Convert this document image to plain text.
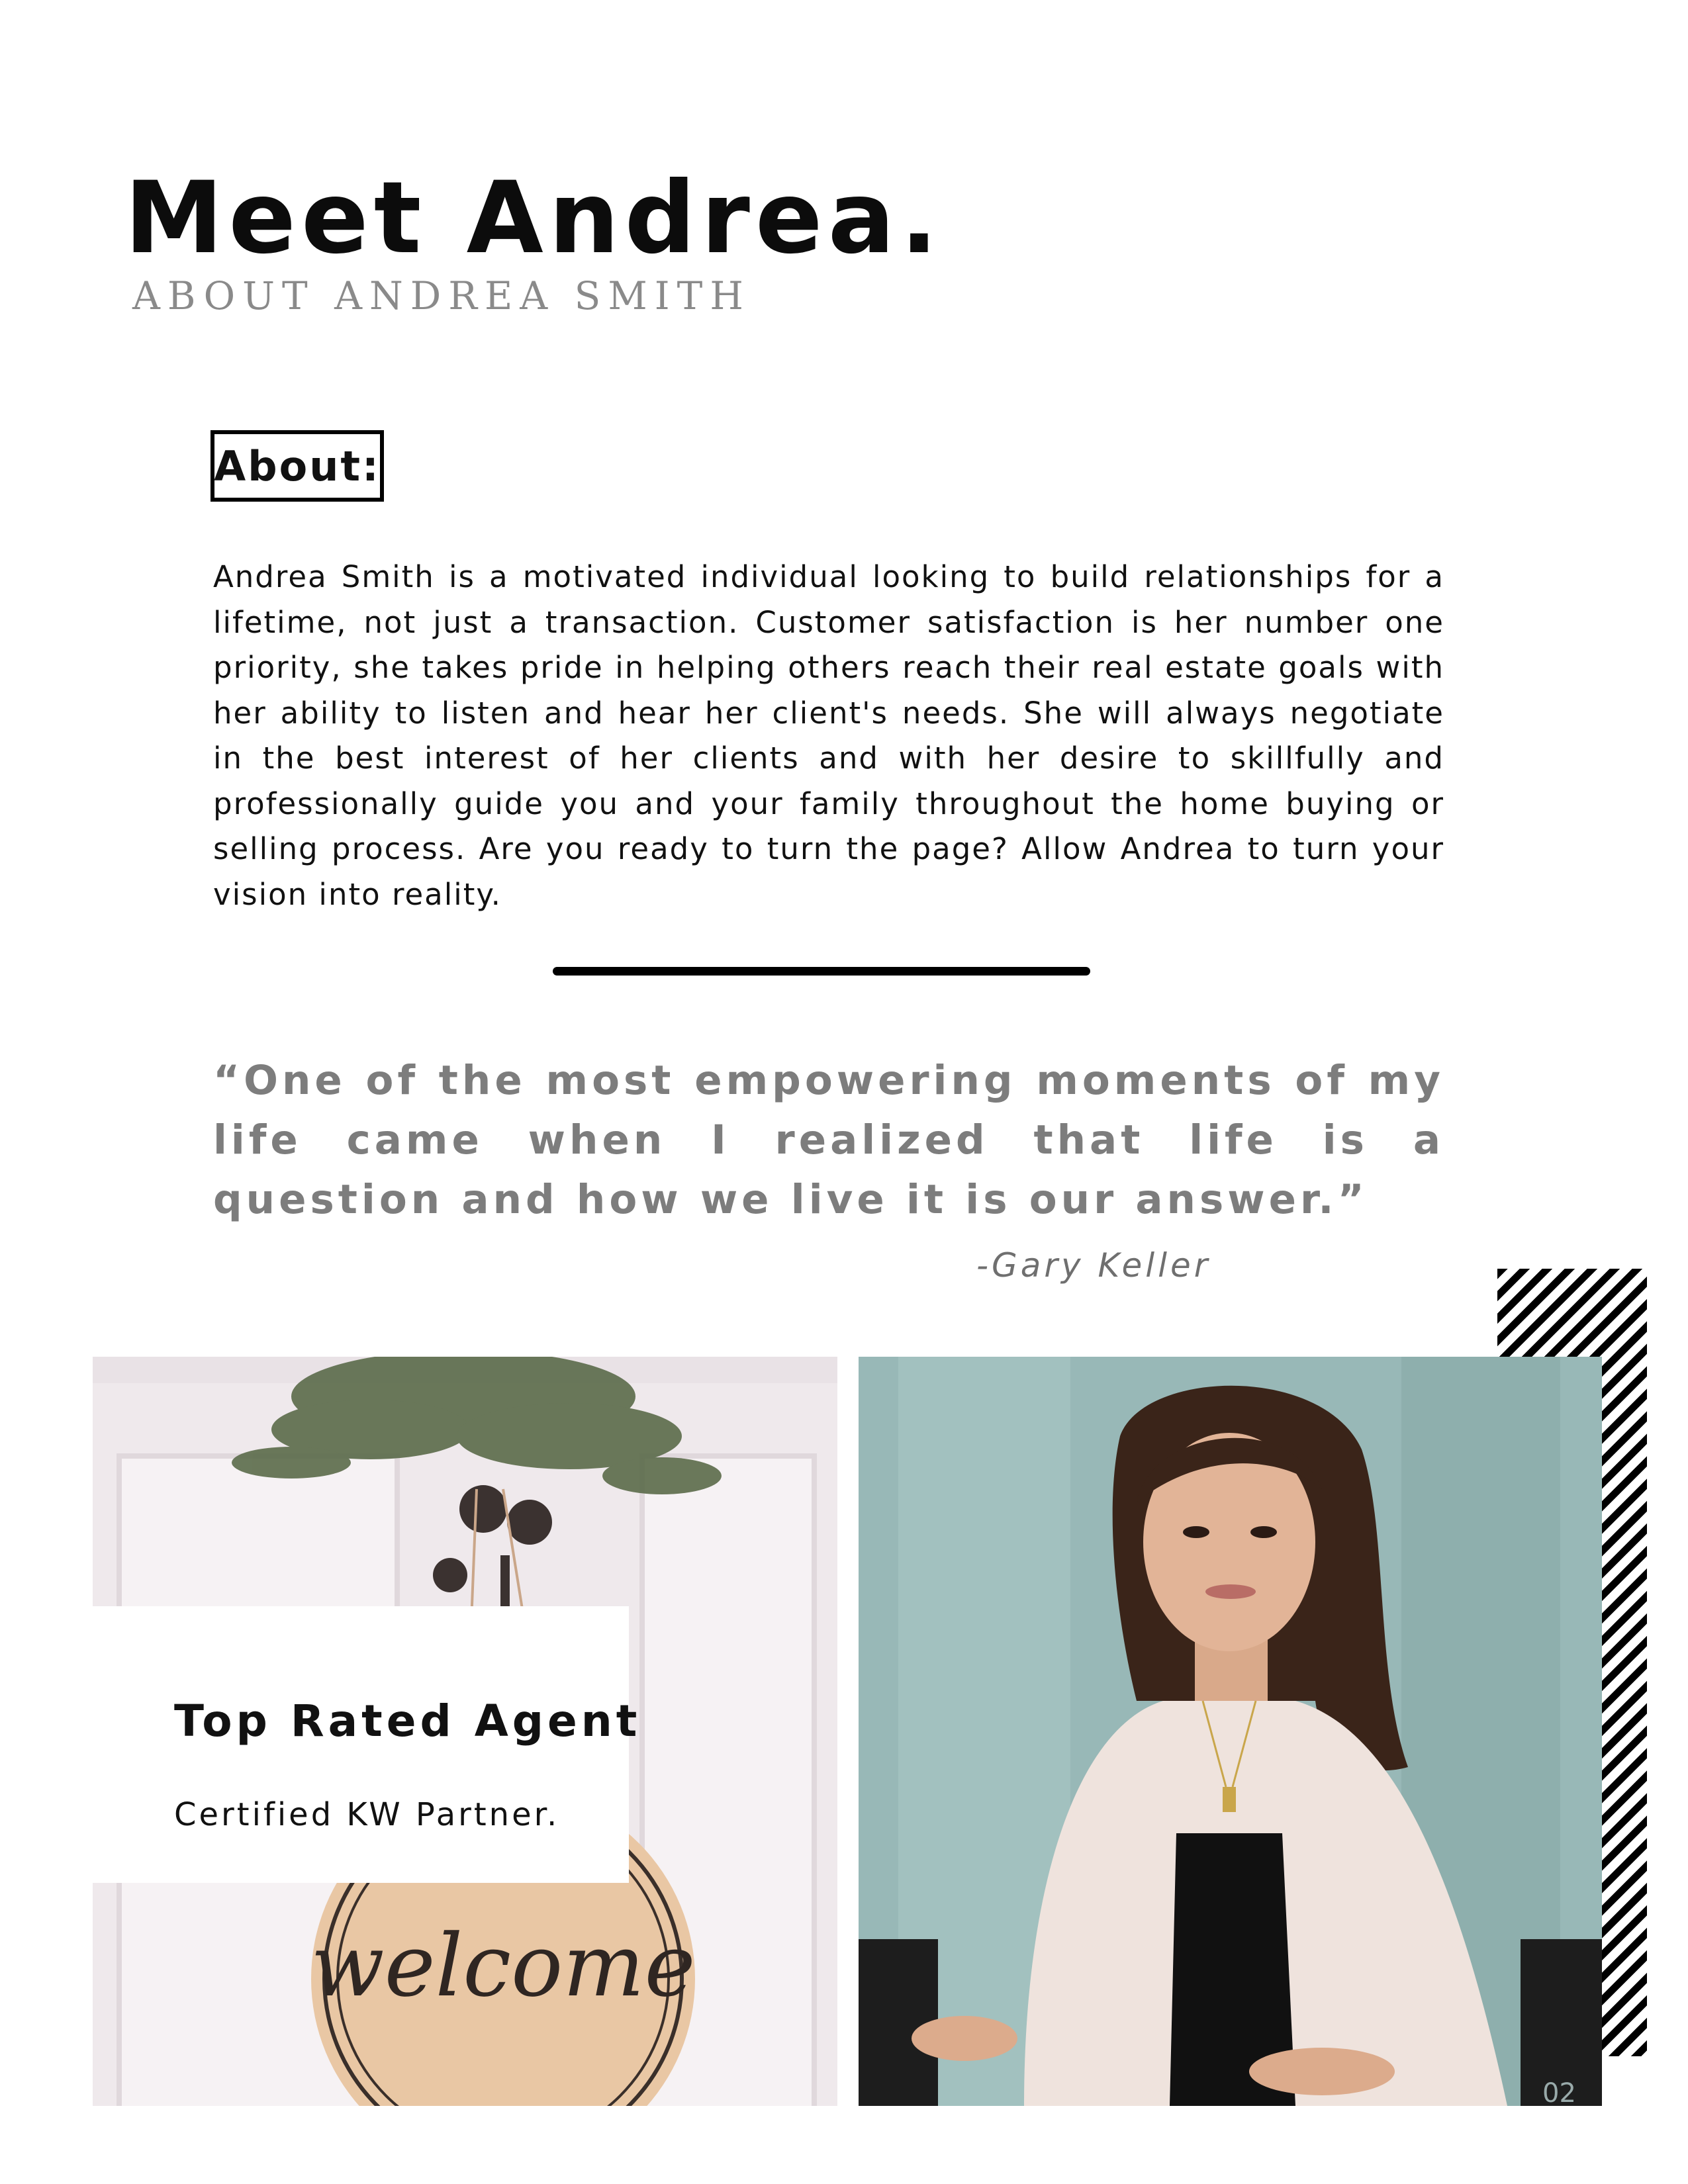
Meet Andrea.
ABOUT ANDREA SMITH
About:
Andrea Smith is a motivated individual looking to build relationships for a lifetime, not just a transaction. Customer satisfaction is her number one priority, she takes pride in helping others reach their real estate goals with her ability to listen and hear her client's needs. She will always negotiate in the best interest of her clients and with her desire to skillfully and professionally guide you and your family throughout the home buying or selling process. Are you ready to turn the page? Allow Andrea to turn your vision into reality.
“One of the most empowering moments of my life came when I realized that life is a question and how we live it is our answer.”
-Gary Keller
welcome
Top Rated Agent
Certified KW Partner.
02
